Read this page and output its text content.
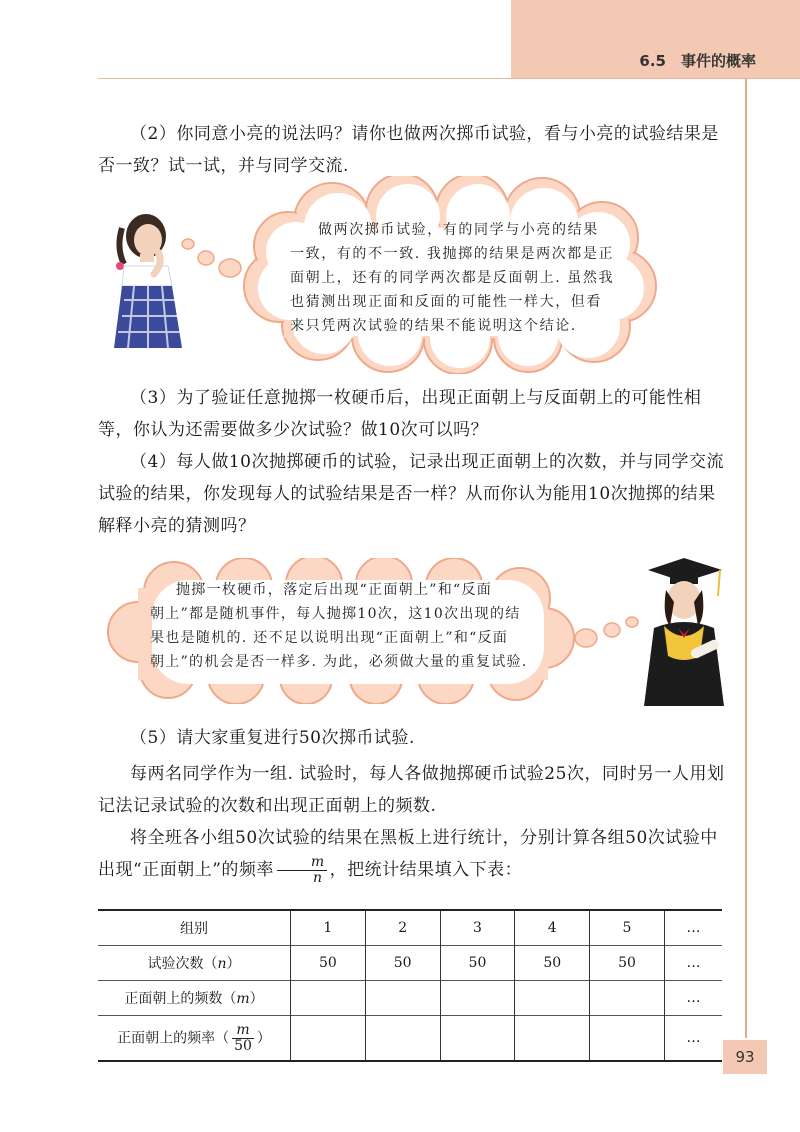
6.5　事件的概率
（2）你同意小亮的说法吗？请你也做两次掷币试验，看与小亮的试验结果是否一致？试一试，并与同学交流.
做两次掷币试验，有的同学与小亮的结果
一致，有的不一致. 我抛掷的结果是两次都是正
面朝上，还有的同学两次都是反面朝上. 虽然我
也猜测出现正面和反面的可能性一样大，但看
来只凭两次试验的结果不能说明这个结论.
（3）为了验证任意抛掷一枚硬币后，出现正面朝上与反面朝上的可能性相等，你认为还需要做多少次试验？做10次可以吗？
（4）每人做10次抛掷硬币的试验，记录出现正面朝上的次数，并与同学交流试验的结果，你发现每人的试验结果是否一样？从而你认为能用10次抛掷的结果解释小亮的猜测吗？
抛掷一枚硬币，落定后出现“正面朝上”和“反面
朝上”都是随机事件，每人抛掷10次，这10次出现的结
果也是随机的. 还不足以说明出现“正面朝上”和“反面
朝上”的机会是否一样多. 为此，必须做大量的重复试验.
（5）请大家重复进行50次掷币试验.
每两名同学作为一组. 试验时，每人各做抛掷硬币试验25次，同时另一人用划记法记录试验的次数和出现正面朝上的频数.
将全班各小组50次试验的结果在黑板上进行统计，分别计算各组50次试验中出现“正面朝上”的频率 $\frac{m}{n}$ ，把统计结果填入下表：
组别	1	2	3	4	5	…
试验次数（n）	50	50	50	50	50	…
正面朝上的频数（m）						…
正面朝上的频率（ $\frac{m}{50}$ ）						…
93
